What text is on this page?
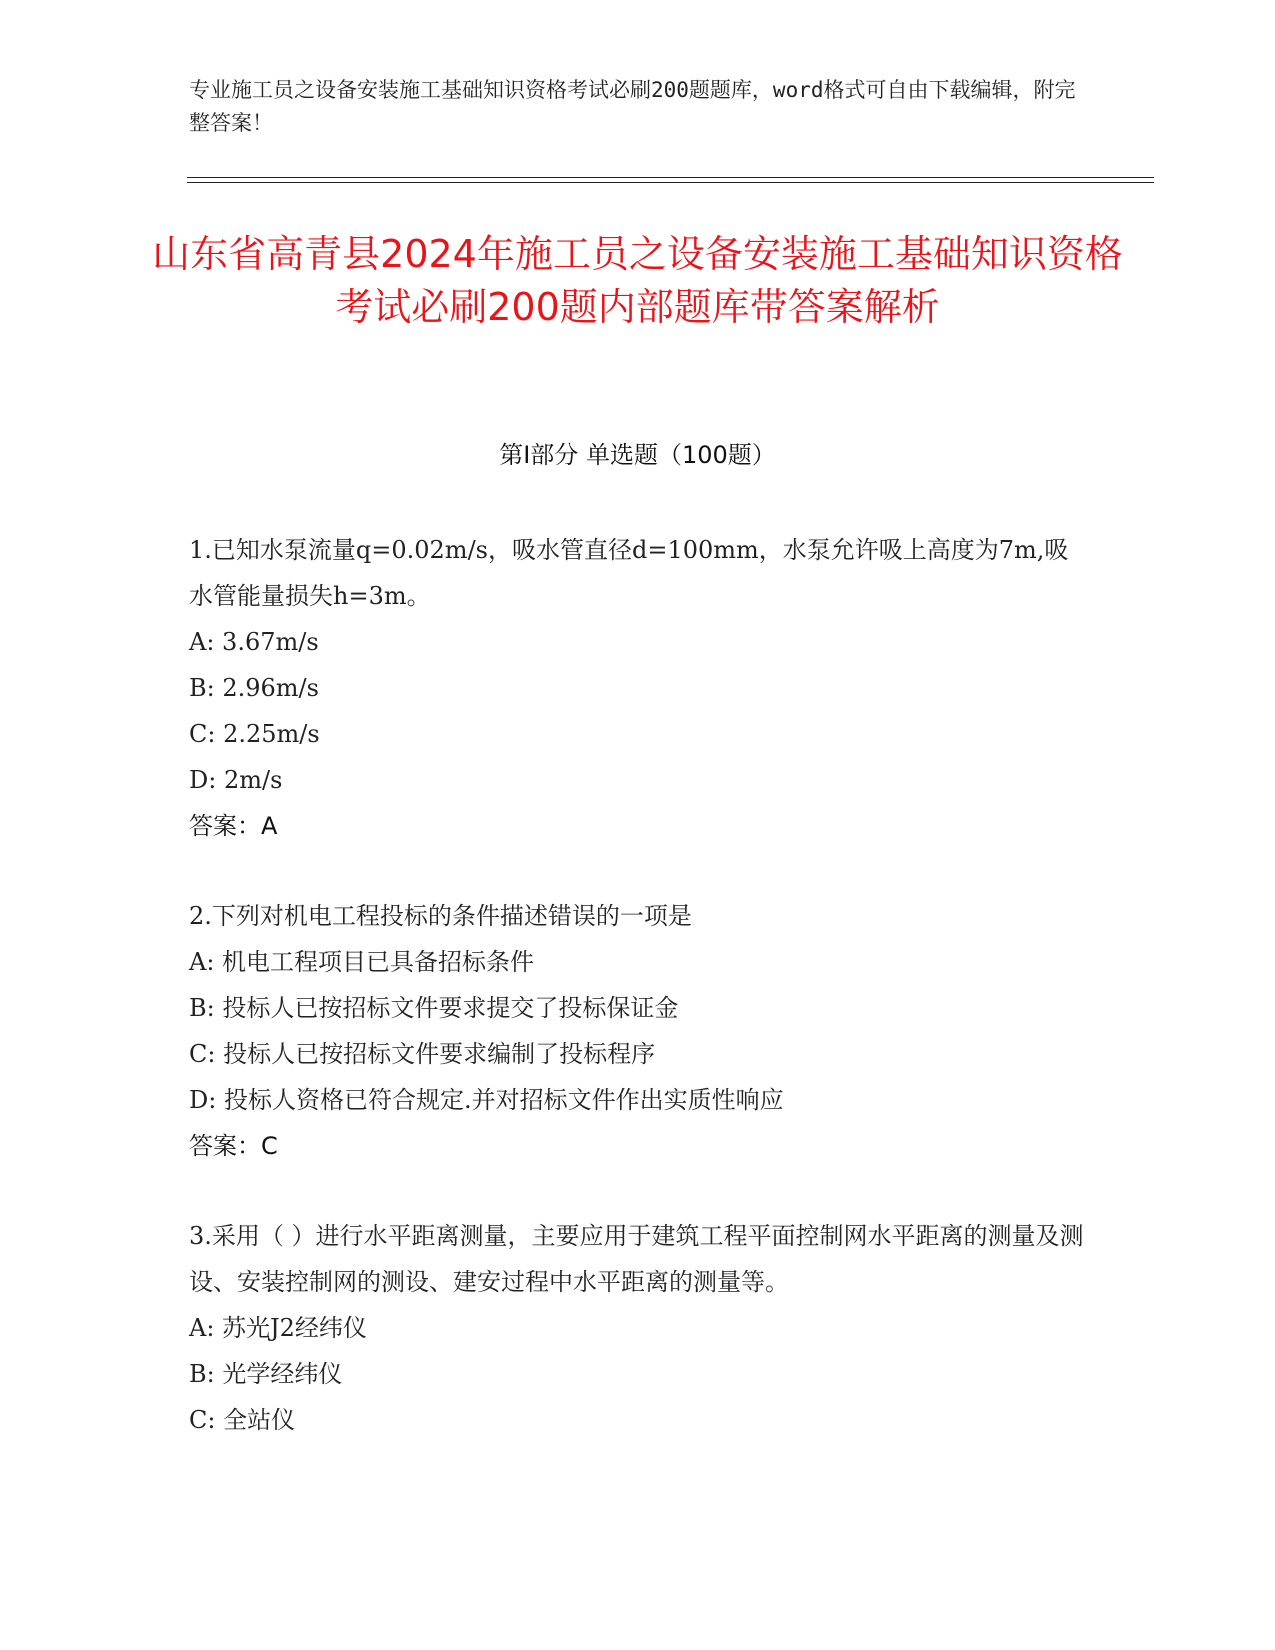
专业施工员之设备安装施工基础知识资格考试必刷200题题库，word格式可自由下载编辑，附完整答案！
山东省高青县2024年施工员之设备安装施工基础知识资格考试必刷200题内部题库带答案解析
第Ⅰ部分 单选题（100题）

1.已知水泵流量q=0.02m/s，吸水管直径d=100mm，水泵允许吸上高度为7m,吸水管能量损失h=3m。

A: 3.67m/s

B: 2.96m/s

C: 2.25m/s

D: 2m/s

答案：A

2.下列对机电工程投标的条件描述错误的一项是

A: 机电工程项目已具备招标条件

B: 投标人已按招标文件要求提交了投标保证金

C: 投标人已按招标文件要求编制了投标程序

D: 投标人资格已符合规定.并对招标文件作出实质性响应

答案：C

3.采用（ ）进行水平距离测量，主要应用于建筑工程平面控制网水平距离的测量及测设、安装控制网的测设、建安过程中水平距离的测量等。

A: 苏光J2经纬仪

B: 光学经纬仪

C: 全站仪
